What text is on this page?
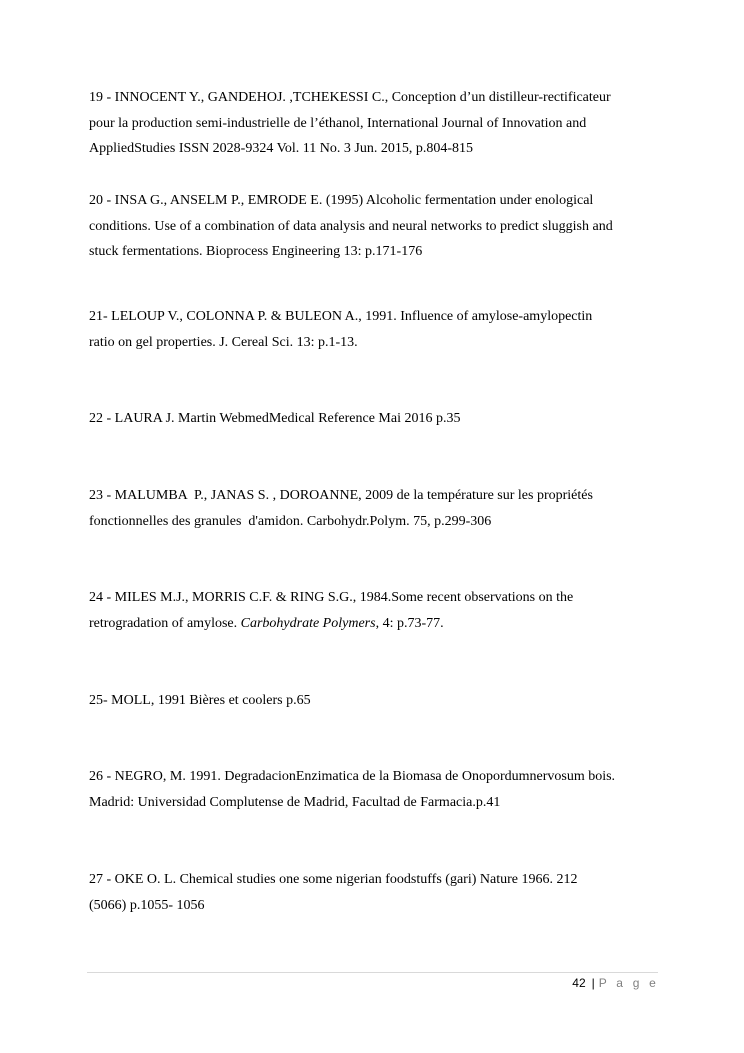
19 - INNOCENT Y., GANDEHOJ. ,TCHEKESSI C., Conception d’un distilleur-rectificateur
pour la production semi-industrielle de l’éthanol, International Journal of Innovation and
AppliedStudies ISSN 2028-9324 Vol. 11 No. 3 Jun. 2015, p.804-815

20 - INSA G., ANSELM P., EMRODE E. (1995) Alcoholic fermentation under enological
conditions. Use of a combination of data analysis and neural networks to predict sluggish and
stuck fermentations. Bioprocess Engineering 13: p.171-176

21- LELOUP V., COLONNA P. & BULEON A., 1991. Influence of amylose-amylopectin
ratio on gel properties. J. Cereal Sci. 13: p.1-13.

22 - LAURA J. Martin WebmedMedical Reference Mai 2016 p.35

23 - MALUMBA  P., JANAS S. , DOROANNE, 2009 de la température sur les propriétés
fonctionnelles des granules  d'amidon. Carbohydr.Polym. 75, p.299-306

24 - MILES M.J., MORRIS C.F. & RING S.G., 1984.Some recent observations on the
retrogradation of amylose. Carbohydrate Polymers, 4: p.73-77.

25- MOLL, 1991 Bières et coolers p.65

26 - NEGRO, M. 1991. DegradacionEnzimatica de la Biomasa de Onopordumnervosum bois.
Madrid: Universidad Complutense de Madrid, Facultad de Farmacia.p.41

27 - OKE O. L. Chemical studies one some nigerian foodstuffs (gari) Nature 1966. 212
(5066) p.1055- 1056

42 | P a g e
